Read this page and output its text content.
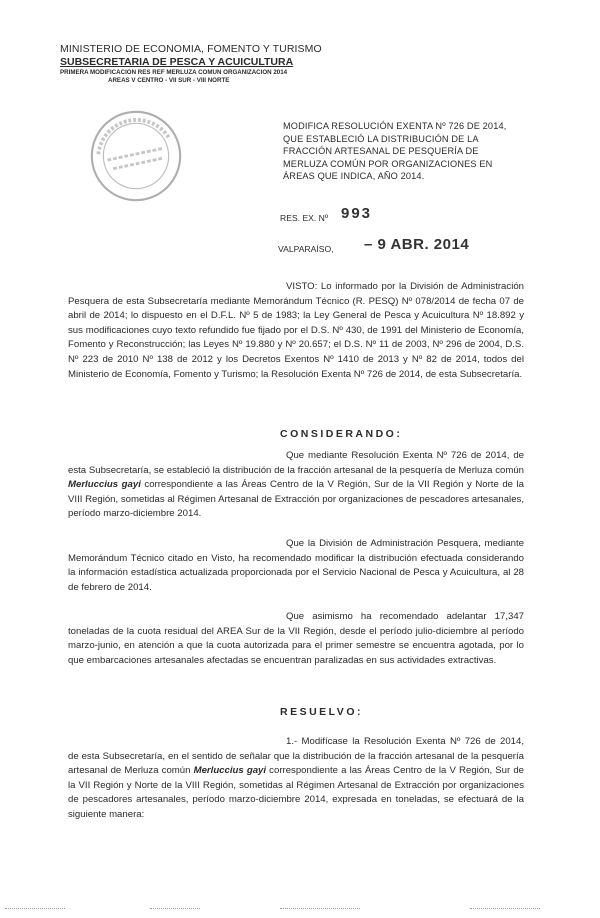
MINISTERIO DE ECONOMIA, FOMENTO Y TURISMO
SUBSECRETARIA DE PESCA Y ACUICULTURA
PRIMERA MODIFICACION RES REF MERLUZA COMUN ORGANIZACION 2014
AREAS V CENTRO - VII SUR - VIII NORTE
MODIFICA RESOLUCIÓN EXENTA Nº 726 DE 2014, QUE ESTABLECIÓ LA DISTRIBUCIÓN DE LA FRACCIÓN ARTESANAL DE PESQUERÍA DE MERLUZA COMÚN POR ORGANIZACIONES EN ÁREAS QUE INDICA, AÑO 2014.
RES. EX. Nº 993
VALPARAÍSO, – 9 ABR. 2014
VISTO: Lo informado por la División de Administración Pesquera de esta Subsecretaría mediante Memorándum Técnico (R. PESQ) Nº 078/2014 de fecha 07 de abril de 2014; lo dispuesto en el D.F.L. Nº 5 de 1983; la Ley General de Pesca y Acuicultura Nº 18.892 y sus modificaciones cuyo texto refundido fue fijado por el D.S. Nº 430, de 1991 del Ministerio de Economía, Fomento y Reconstrucción; las Leyes Nº 19.880 y Nº 20.657; el D.S. Nº 11 de 2003, Nº 296 de 2004, D.S. Nº 223 de 2010 Nº 138 de 2012 y los Decretos Exentos Nº 1410 de 2013 y Nº 82 de 2014, todos del Ministerio de Economía, Fomento y Turismo; la Resolución Exenta Nº 726 de 2014, de esta Subsecretaría.
CONSIDERANDO:
Que mediante Resolución Exenta Nº 726 de 2014, de esta Subsecretaría, se estableció la distribución de la fracción artesanal de la pesquería de Merluza común Merluccius gayi correspondiente a las Áreas Centro de la V Región, Sur de la VII Región y Norte de la VIII Región, sometidas al Régimen Artesanal de Extracción por organizaciones de pescadores artesanales, período marzo-diciembre 2014.
Que la División de Administración Pesquera, mediante Memorándum Técnico citado en Visto, ha recomendado modificar la distribución efectuada considerando la información estadística actualizada proporcionada por el Servicio Nacional de Pesca y Acuicultura, al 28 de febrero de 2014.
Que asimismo ha recomendado adelantar 17,347 toneladas de la cuota residual del AREA Sur de la VII Región, desde el período julio-diciembre al período marzo-junio, en atención a que la cuota autorizada para el primer semestre se encuentra agotada, por lo que embarcaciones artesanales afectadas se encuentran paralizadas en sus actividades extractivas.
RESUELVO:
1.- Modifícase la Resolución Exenta Nº 726 de 2014, de esta Subsecretaría, en el sentido de señalar que la distribución de la fracción artesanal de la pesquería artesanal de Merluza común Merluccius gayi correspondiente a las Áreas Centro de la V Región, Sur de la VII Región y Norte de la VIII Región, sometidas al Régimen Artesanal de Extracción por organizaciones de pescadores artesanales, período marzo-diciembre 2014, expresada en toneladas, se efectuará de la siguiente manera:
